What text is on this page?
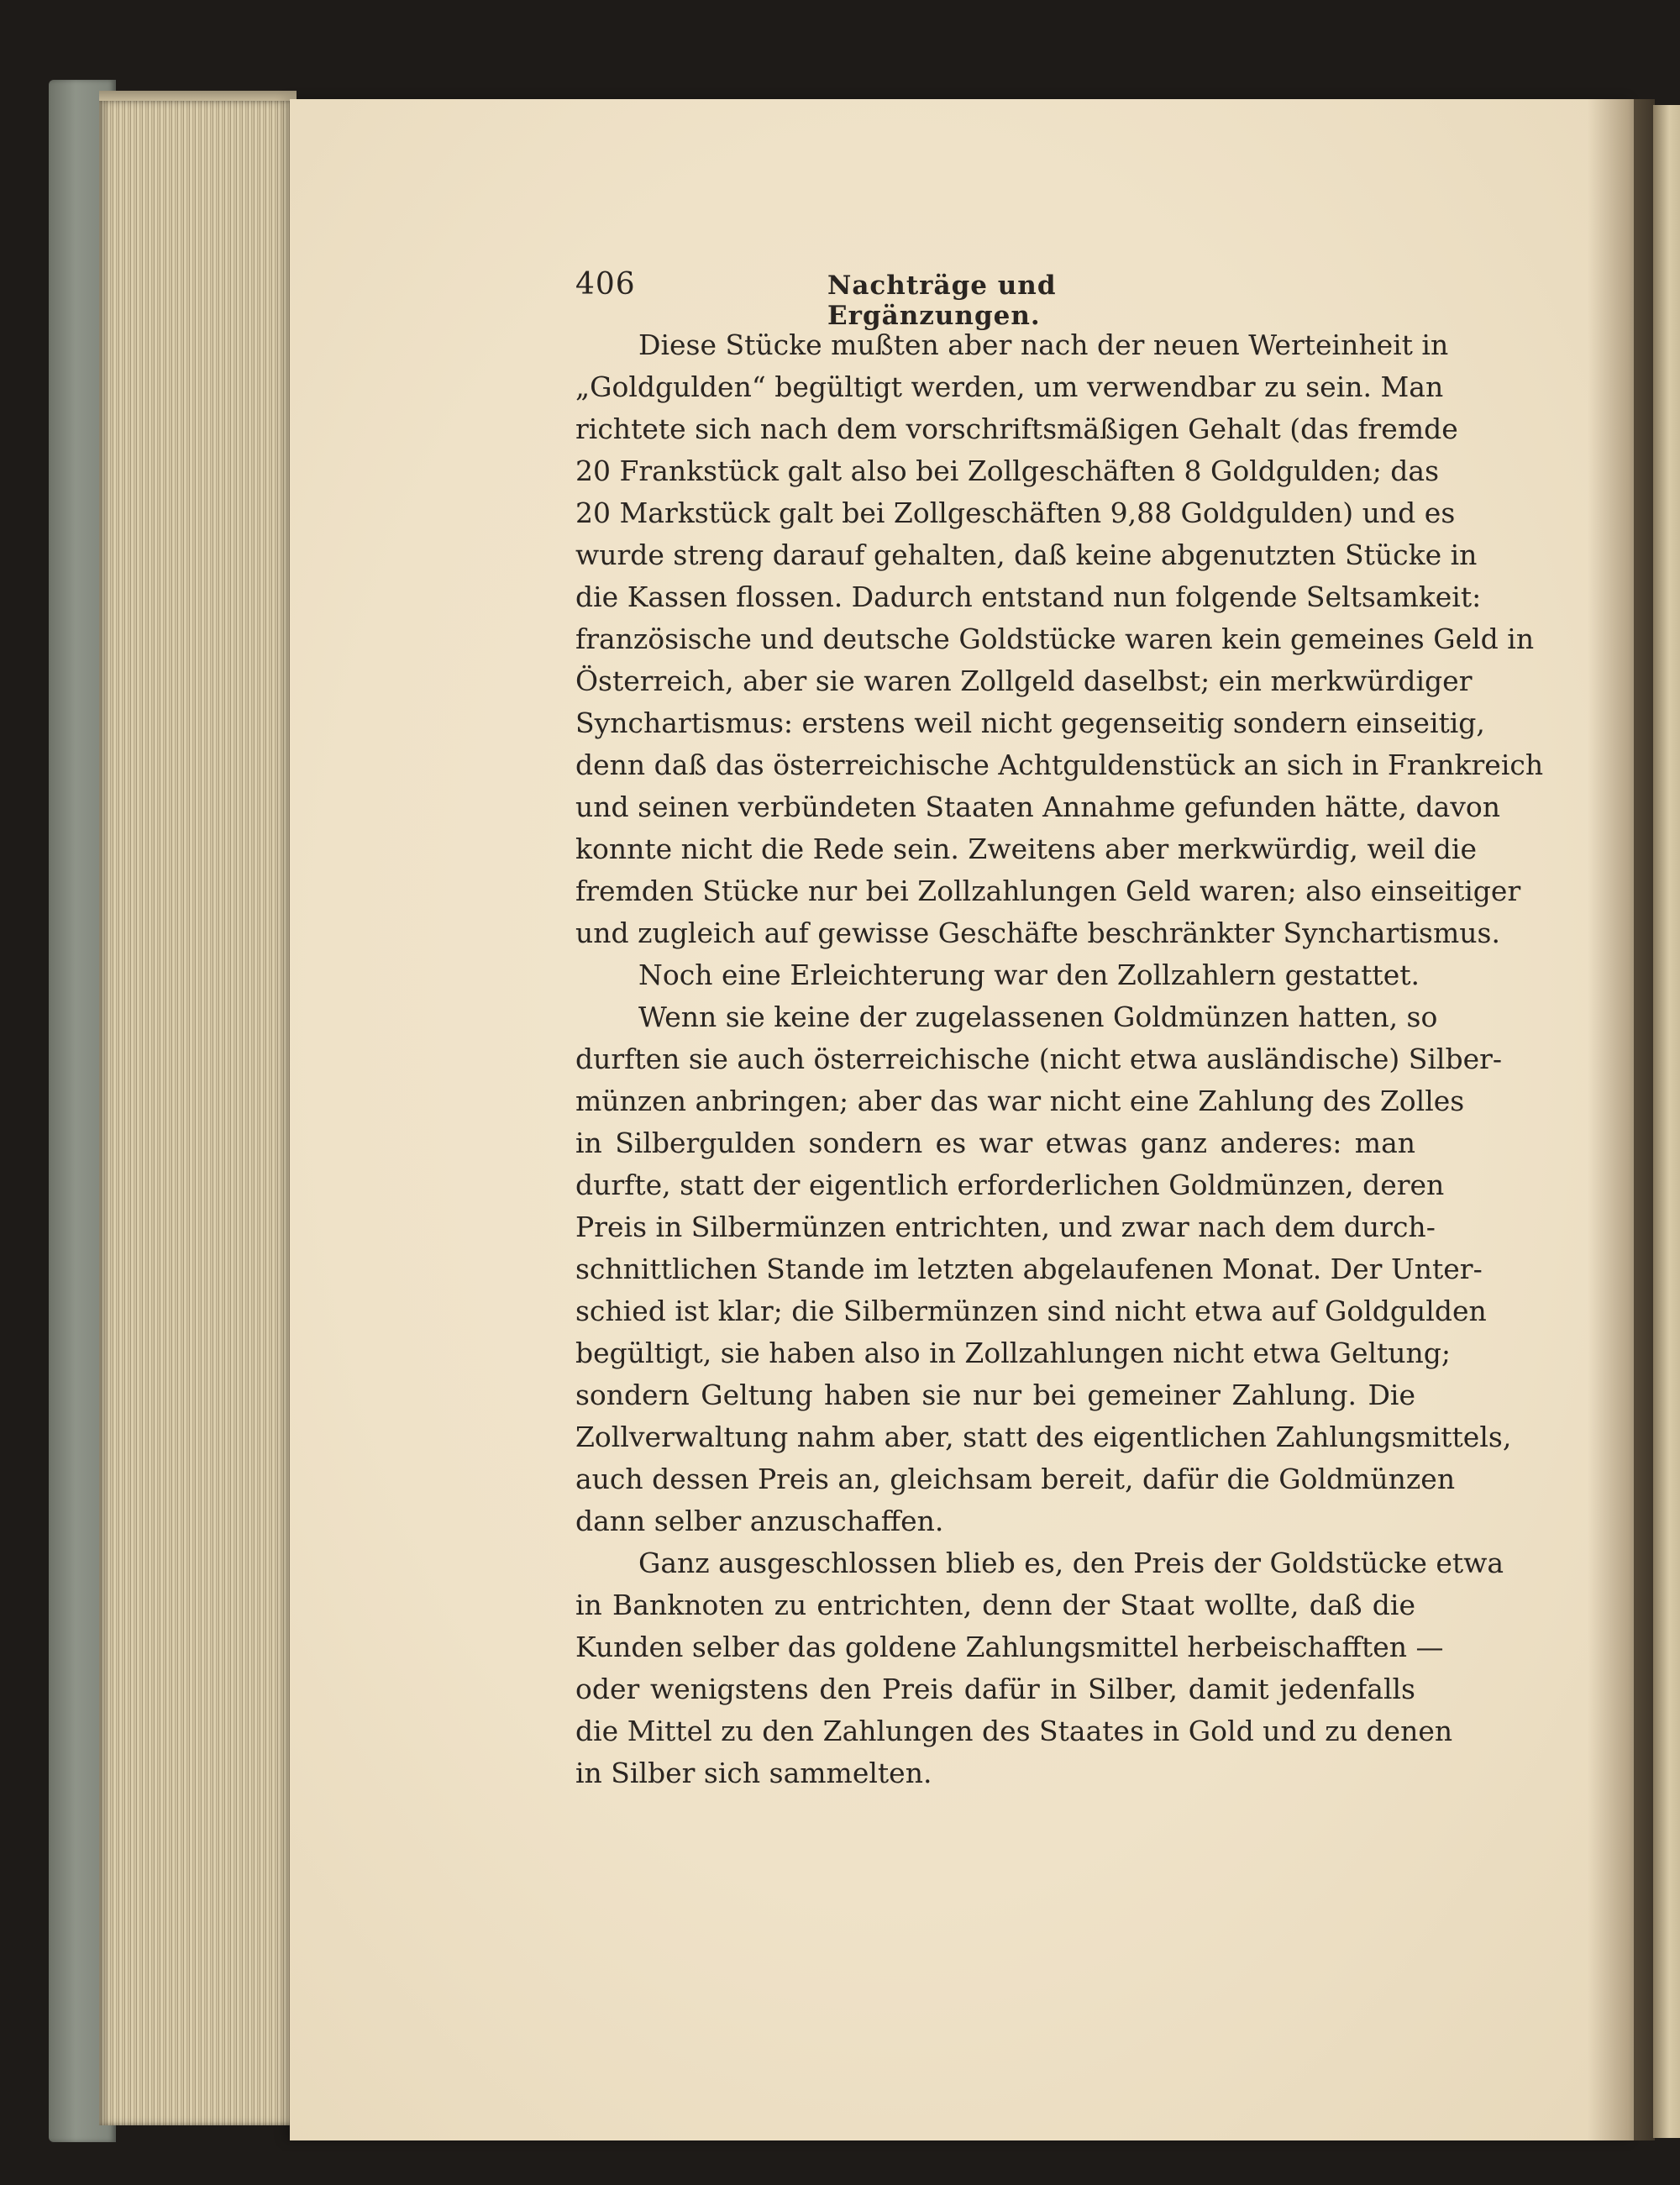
406	Nachträge und Ergänzungen.
Diese Stücke mußten aber nach der neuen Werteinheit in
„Goldgulden“ begültigt werden, um verwendbar zu sein. Man
richtete sich nach dem vorschriftsmäßigen Gehalt (das fremde
20 Frankstück galt also bei Zollgeschäften 8 Goldgulden; das
20 Markstück galt bei Zollgeschäften 9,88 Goldgulden) und es
wurde streng darauf gehalten, daß keine abgenutzten Stücke in
die Kassen flossen. Dadurch entstand nun folgende Seltsamkeit:
französische und deutsche Goldstücke waren kein gemeines Geld in
Österreich, aber sie waren Zollgeld daselbst; ein merkwürdiger
Synchartismus: erstens weil nicht gegenseitig sondern einseitig,
denn daß das österreichische Achtguldenstück an sich in Frankreich
und seinen verbündeten Staaten Annahme gefunden hätte, davon
konnte nicht die Rede sein. Zweitens aber merkwürdig, weil die
fremden Stücke nur bei Zollzahlungen Geld waren; also einseitiger
und zugleich auf gewisse Geschäfte beschränkter Synchartismus.
Noch eine Erleichterung war den Zollzahlern gestattet.
Wenn sie keine der zugelassenen Goldmünzen hatten, so
durften sie auch österreichische (nicht etwa ausländische) Silber-
münzen anbringen; aber das war nicht eine Zahlung des Zolles
in Silbergulden sondern es war etwas ganz anderes: man
durfte, statt der eigentlich erforderlichen Goldmünzen, deren
Preis in Silbermünzen entrichten, und zwar nach dem durch-
schnittlichen Stande im letzten abgelaufenen Monat. Der Unter-
schied ist klar; die Silbermünzen sind nicht etwa auf Goldgulden
begültigt, sie haben also in Zollzahlungen nicht etwa Geltung;
sondern Geltung haben sie nur bei gemeiner Zahlung. Die
Zollverwaltung nahm aber, statt des eigentlichen Zahlungsmittels,
auch dessen Preis an, gleichsam bereit, dafür die Goldmünzen
dann selber anzuschaffen.
Ganz ausgeschlossen blieb es, den Preis der Goldstücke etwa
in Banknoten zu entrichten, denn der Staat wollte, daß die
Kunden selber das goldene Zahlungsmittel herbeischafften —
oder wenigstens den Preis dafür in Silber, damit jedenfalls
die Mittel zu den Zahlungen des Staates in Gold und zu denen
in Silber sich sammelten.
